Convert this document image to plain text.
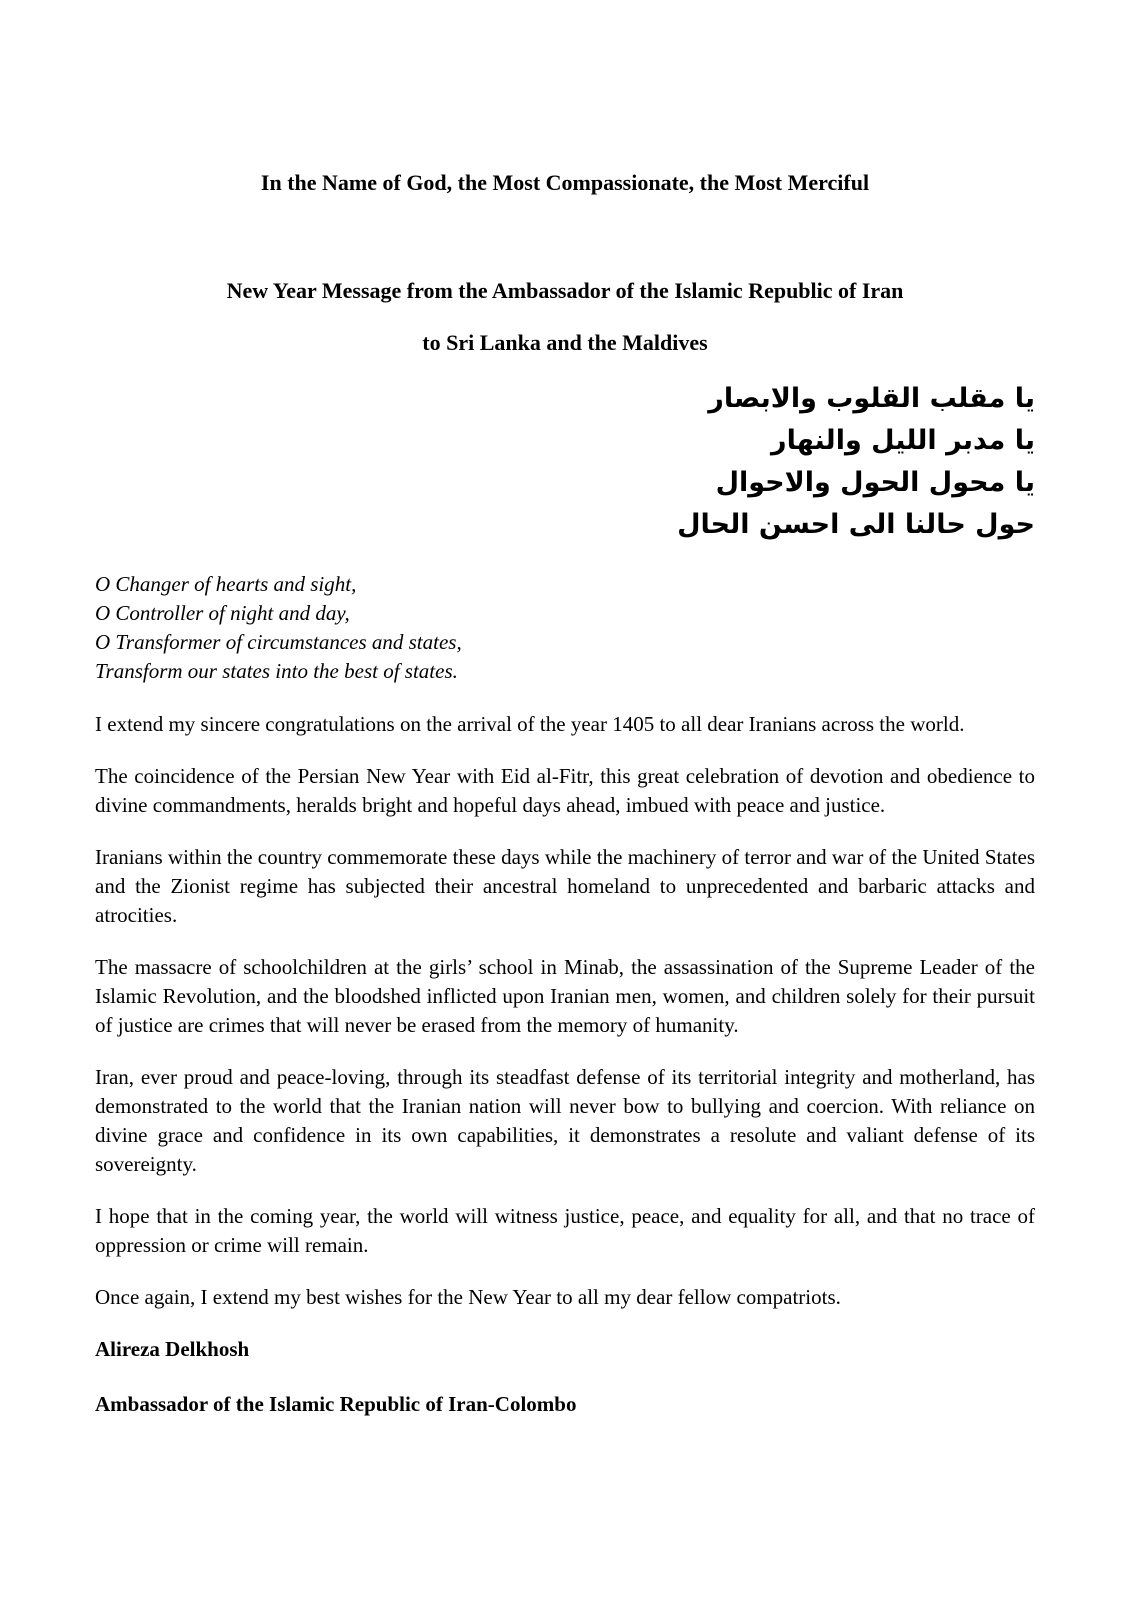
In the Name of God, the Most Compassionate, the Most Merciful
New Year Message from the Ambassador of the Islamic Republic of Iran
to Sri Lanka and the Maldives
يا مقلب القلوب والابصار
يا مدبر الليل والنهار
يا محول الحول والاحوال
حول حالنا الى احسن الحال
O Changer of hearts and sight,
O Controller of night and day,
O Transformer of circumstances and states,
Transform our states into the best of states.

I extend my sincere congratulations on the arrival of the year 1405 to all dear Iranians across the world.

The coincidence of the Persian New Year with Eid al-Fitr, this great celebration of devotion and obedience to divine commandments, heralds bright and hopeful days ahead, imbued with peace and justice.

Iranians within the country commemorate these days while the machinery of terror and war of the United States and the Zionist regime has subjected their ancestral homeland to unprecedented and barbaric attacks and atrocities.

The massacre of schoolchildren at the girls’ school in Minab, the assassination of the Supreme Leader of the Islamic Revolution, and the bloodshed inflicted upon Iranian men, women, and children solely for their pursuit of justice are crimes that will never be erased from the memory of humanity.

Iran, ever proud and peace-loving, through its steadfast defense of its territorial integrity and motherland, has demonstrated to the world that the Iranian nation will never bow to bullying and coercion. With reliance on divine grace and confidence in its own capabilities, it demonstrates a resolute and valiant defense of its sovereignty.

I hope that in the coming year, the world will witness justice, peace, and equality for all, and that no trace of oppression or crime will remain.

Once again, I extend my best wishes for the New Year to all my dear fellow compatriots.

Alireza Delkhosh
Ambassador of the Islamic Republic of Iran-Colombo
